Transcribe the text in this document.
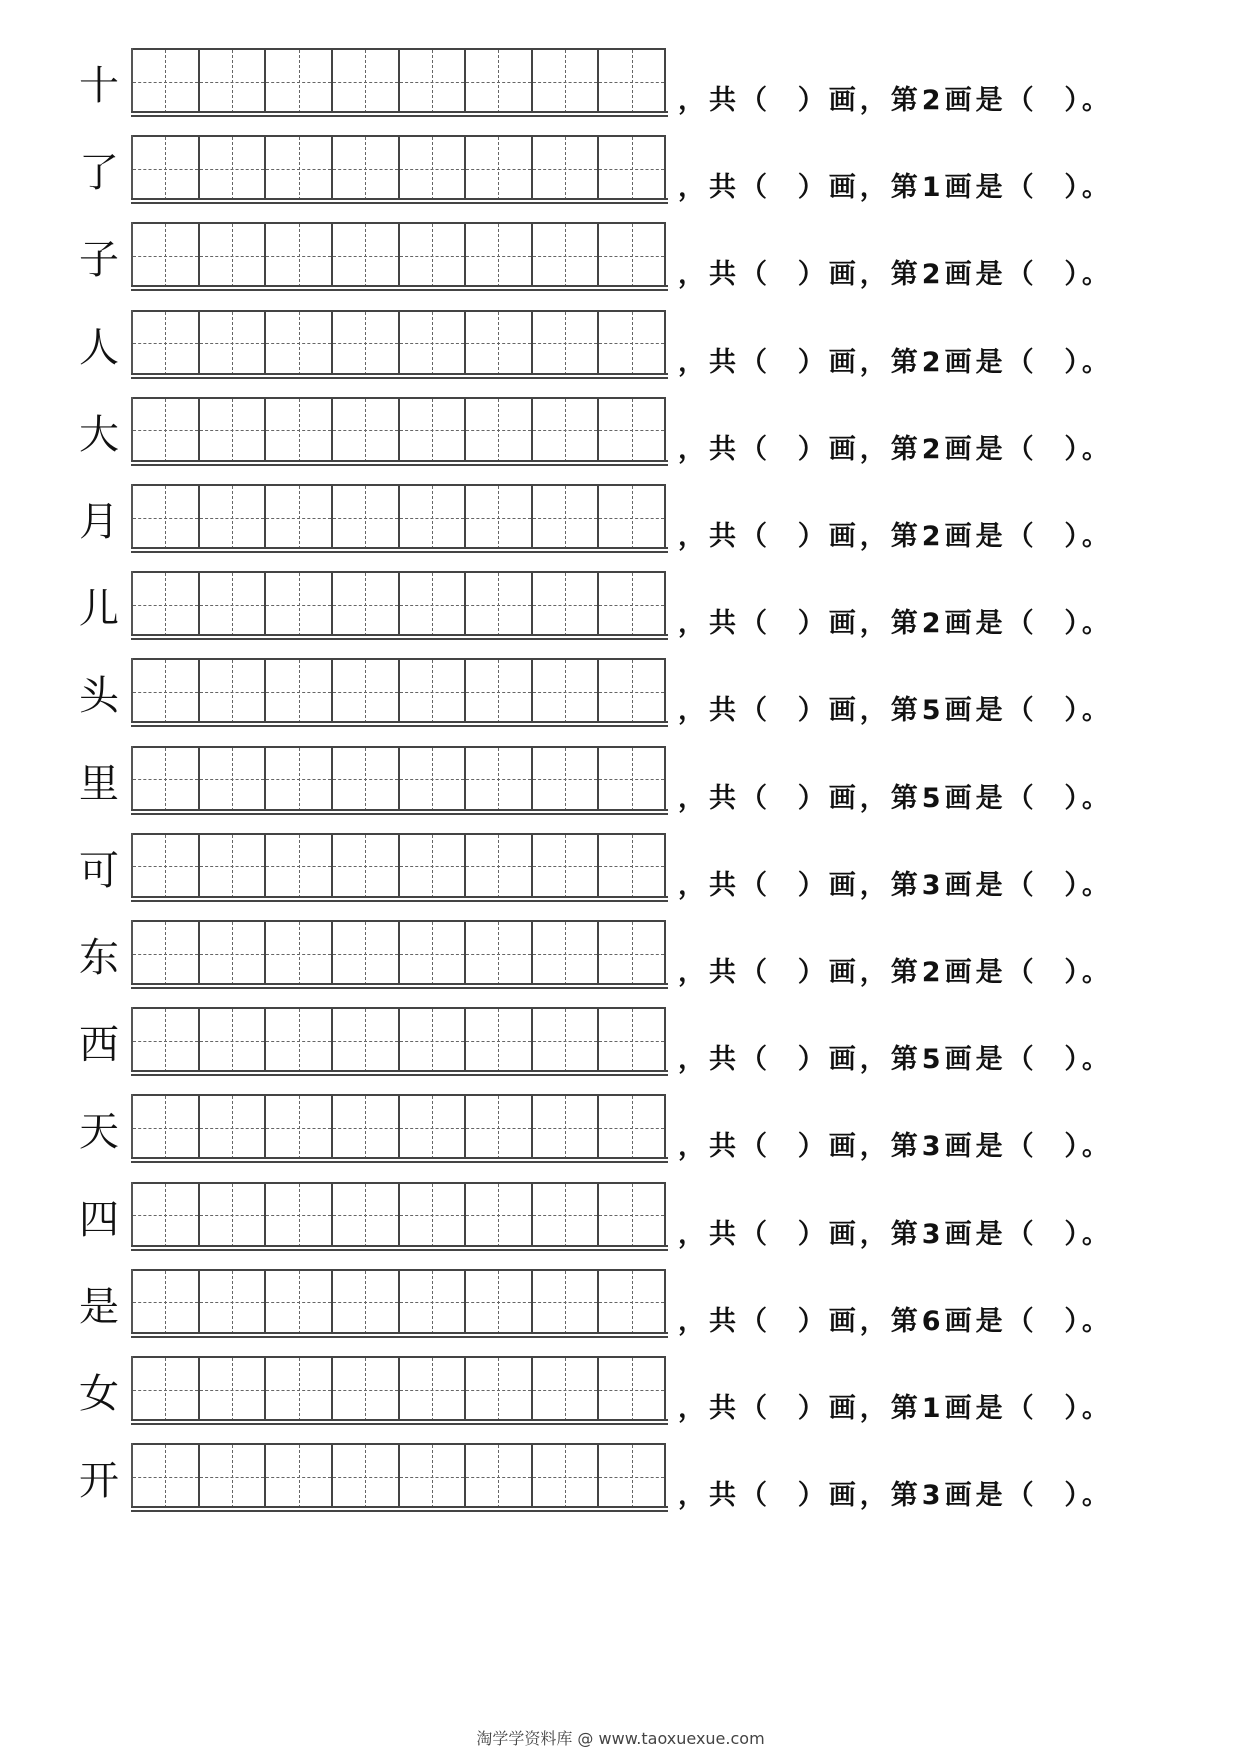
十	，共（  ）画，第2画是（  ）。
了	，共（  ）画，第1画是（  ）。
子	，共（  ）画，第2画是（  ）。
人	，共（  ）画，第2画是（  ）。
大	，共（  ）画，第2画是（  ）。
月	，共（  ）画，第2画是（  ）。
儿	，共（  ）画，第2画是（  ）。
头	，共（  ）画，第5画是（  ）。
里	，共（  ）画，第5画是（  ）。
可	，共（  ）画，第3画是（  ）。
东	，共（  ）画，第2画是（  ）。
西	，共（  ）画，第5画是（  ）。
天	，共（  ）画，第3画是（  ）。
四	，共（  ）画，第3画是（  ）。
是	，共（  ）画，第6画是（  ）。
女	，共（  ）画，第1画是（  ）。
开	，共（  ）画，第3画是（  ）。
淘学学资料库 @ www.taoxuexue.com
